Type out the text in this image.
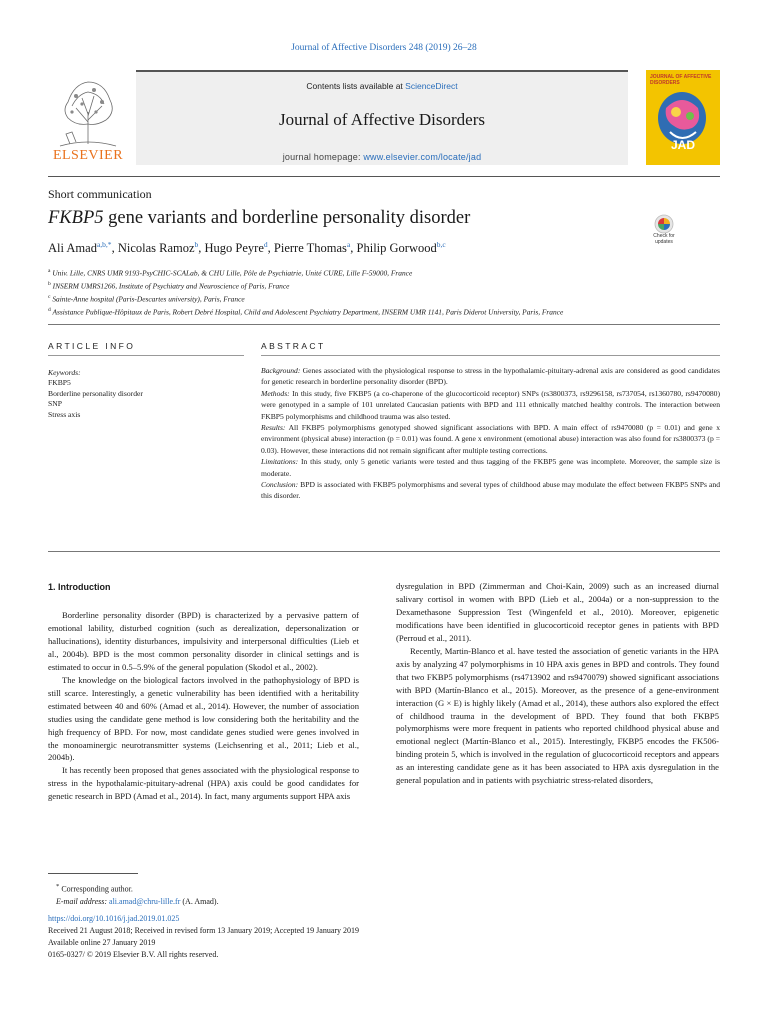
Journal of Affective Disorders 248 (2019) 26–28
ELSEVIER
Contents lists available at ScienceDirect
Journal of Affective Disorders
journal homepage: www.elsevier.com/locate/jad
JOURNAL OF AFFECTIVE DISORDERS
JAD
Short communication
FKBP5 gene variants and borderline personality disorder
Check for updates
Ali Amad$^{a,b,*}$, Nicolas Ramoz$^b$, Hugo Peyre$^d$, Pierre Thomas$^a$, Philip Gorwood$^{b,c}$
$^a$ Univ. Lille, CNRS UMR 9193-PsyCHIC-SCALab, & CHU Lille, Pôle de Psychiatrie, Unité CURE, Lille F-59000, France
$^b$ INSERM UMRS1266, Institute of Psychiatry and Neuroscience of Paris, France
$^c$ Sainte-Anne hospital (Paris-Descartes university), Paris, France
$^d$ Assistance Publique-Hôpitaux de Paris, Robert Debré Hospital, Child and Adolescent Psychiatry Department, INSERM UMR 1141, Paris Diderot University, Paris, France
ARTICLE INFO	ABSTRACT
Keywords:
FKBP5
Borderline personality disorder
SNP
Stress axis

Background: Genes associated with the physiological response to stress in the hypothalamic-pituitary-adrenal axis are considered as good candidates for genetic research in borderline personality disorder (BPD).

Methods: In this study, five FKBP5 (a co-chaperone of the glucocorticoid receptor) SNPs (rs3800373, rs9296158, rs737054, rs1360780, rs9470080) were genotyped in a sample of 101 unrelated Caucasian patients with BPD and 111 ethnically matched healthy controls. The interaction between FKBP5 polymorphisms and childhood trauma was also tested.

Results: All FKBP5 polymorphisms genotyped showed significant associations with BPD. A main effect of rs9470080 (p = 0.01) and gene x environment (physical abuse) interaction (p = 0.01) was found. A gene x environment (emotional abuse) interaction was also found for rs3800373 (p = 0.03). However, these interactions did not remain significant after multiple testing corrections.

Limitations: In this study, only 5 genetic variants were tested and thus tagging of the FKBP5 gene was incomplete. Moreover, the sample size is moderate.

Conclusion: BPD is associated with FKBP5 polymorphisms and several types of childhood abuse may modulate the effect between FKBP5 SNPs and this disorder.

1. Introduction

Borderline personality disorder (BPD) is characterized by a pervasive pattern of emotional lability, disturbed cognition (such as derealization, depersonalization or hallucinations), identity disturbances, impulsivity and interpersonal difficulties (Lieb et al., 2004b). BPD is the most common personality disorder in clinical settings and is estimated to occur in 0.5–5.9% of the general population (Skodol et al., 2002).

The knowledge on the biological factors involved in the pathophysiology of BPD is still scarce. Interestingly, a genetic vulnerability has been identified with a heritability estimated between 40 and 60% (Amad et al., 2014). However, the number of association studies using the candidate gene method is low considering both the heritability and the high frequency of BPD. For now, most candidate genes studied were genes involved in the monoaminergic neurotransmitter systems (Leichsenring et al., 2011; Lieb et al., 2004b).

It has recently been proposed that genes associated with the physiological response to stress in the hypothalamic-pituitary-adrenal (HPA) axis could be good candidates for genetic research in BPD (Amad et al., 2014). In fact, many arguments support HPA axis

dysregulation in BPD (Zimmerman and Choi-Kain, 2009) such as an increased diurnal salivary cortisol in women with BPD (Lieb et al., 2004a) or a non-suppression to the Dexamethasone Suppression Test (Wingenfeld et al., 2010). Moreover, epigenetic modifications have been identified in glucocorticoid receptor genes in patients with BPD (Perroud et al., 2011).

Recently, Martin-Blanco et al. have tested the association of genetic variants in the HPA axis by analyzing 47 polymorphisms in 10 HPA axis genes in BPD and controls. They found that two FKBP5 polymorphisms (rs4713902 and rs9470079) showed significant associations with BPD (Martín-Blanco et al., 2015). Moreover, as the presence of a gene-environment interaction (G × E) is highly likely (Amad et al., 2014), these authors also explored the effect of childhood trauma in the development of BPD. They found that both FKBP5 polymorphisms were more frequent in patients who reported childhood physical abuse and emotional neglect (Martín-Blanco et al., 2015). Interestingly, FKBP5 encodes the FK506-binding protein 5, which is involved in the regulation of glucocorticoid receptors and appears as an interesting candidate gene as it has been associated to HPA axis dysregulation in the general population and in patients with psychiatric stress-related disorders,

* Corresponding author.
E-mail address: ali.amad@chru-lille.fr (A. Amad).
https://doi.org/10.1016/j.jad.2019.01.025
Received 21 August 2018; Received in revised form 13 January 2019; Accepted 19 January 2019
Available online 27 January 2019
0165-0327/ © 2019 Elsevier B.V. All rights reserved.
